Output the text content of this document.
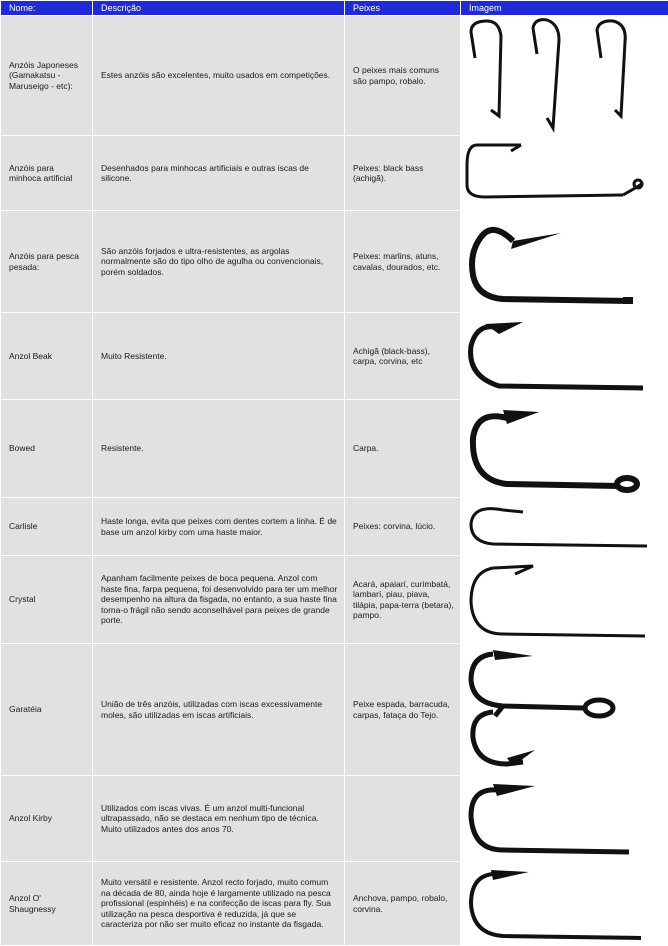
Nome:	Descrição	Peixes	Imagem
Anzóis Japoneses (Gamakatsu - Maruseigo - etc):	Estes anzóis são excelentes, muito usados em competições.	O peixes mais comuns são pampo, robalo.	

Anzóis para minhoca artificial	Desenhados para minhocas artificiais e outras iscas de silicone.	Peixes: black bass (achigã).	

Anzóis para pesca pesada:	São anzóis forjados e ultra-resistentes, as argolas normalmente são do tipo olho de agulha ou convencionais, porém soldados.	Peixes: marlins, atuns, cavalas, dourados, etc.	

Anzol Beak	Muito Resistente.	Achigã (black-bass), carpa, corvina, etc	

Bowed	Resistente.	Carpa.	

Carlisle	Haste longa, evita que peixes com dentes cortem a linha. É de base um anzol kirby com uma haste maior.	Peixes: corvina, lúcio.	

Crystal	Apanham facilmente peixes de boca pequena. Anzol com haste fina, farpa pequena, foi desenvolvido para ter um melhor desempenho na altura da fisgada, no entanto, a sua haste fina torna-o frágil não sendo aconselhável para peixes de grande porte.	Acará, apaiarí, curimbatá, lambarí, piau, piava, tilápia, papa-terra (betara), pampo.	

Garatéia	União de três anzóis, utilizadas com iscas excessivamente moles, são utilizadas em iscas artificiais.	Peixe espada, barracuda, carpas, fataça do Tejo.	

Anzol Kirby	Utilizados com iscas vivas. É um anzol multi-funcional ultrapassado, não se destaca em nenhum tipo de técnica. Muito utilizados antes dos anos 70.		

Anzol O' Shaugnessy	Muito versátil e resistente. Anzol recto forjado, muito comum na década de 80, ainda hoje é largamente utilizado na pesca profissional (espinhéis) e na confecção de iscas para fly. Sua utilização na pesca desportiva é reduzida, já que se caracteriza por não ser muito eficaz no instante da fisgada.	Anchova, pampo, robalo, corvina.	
